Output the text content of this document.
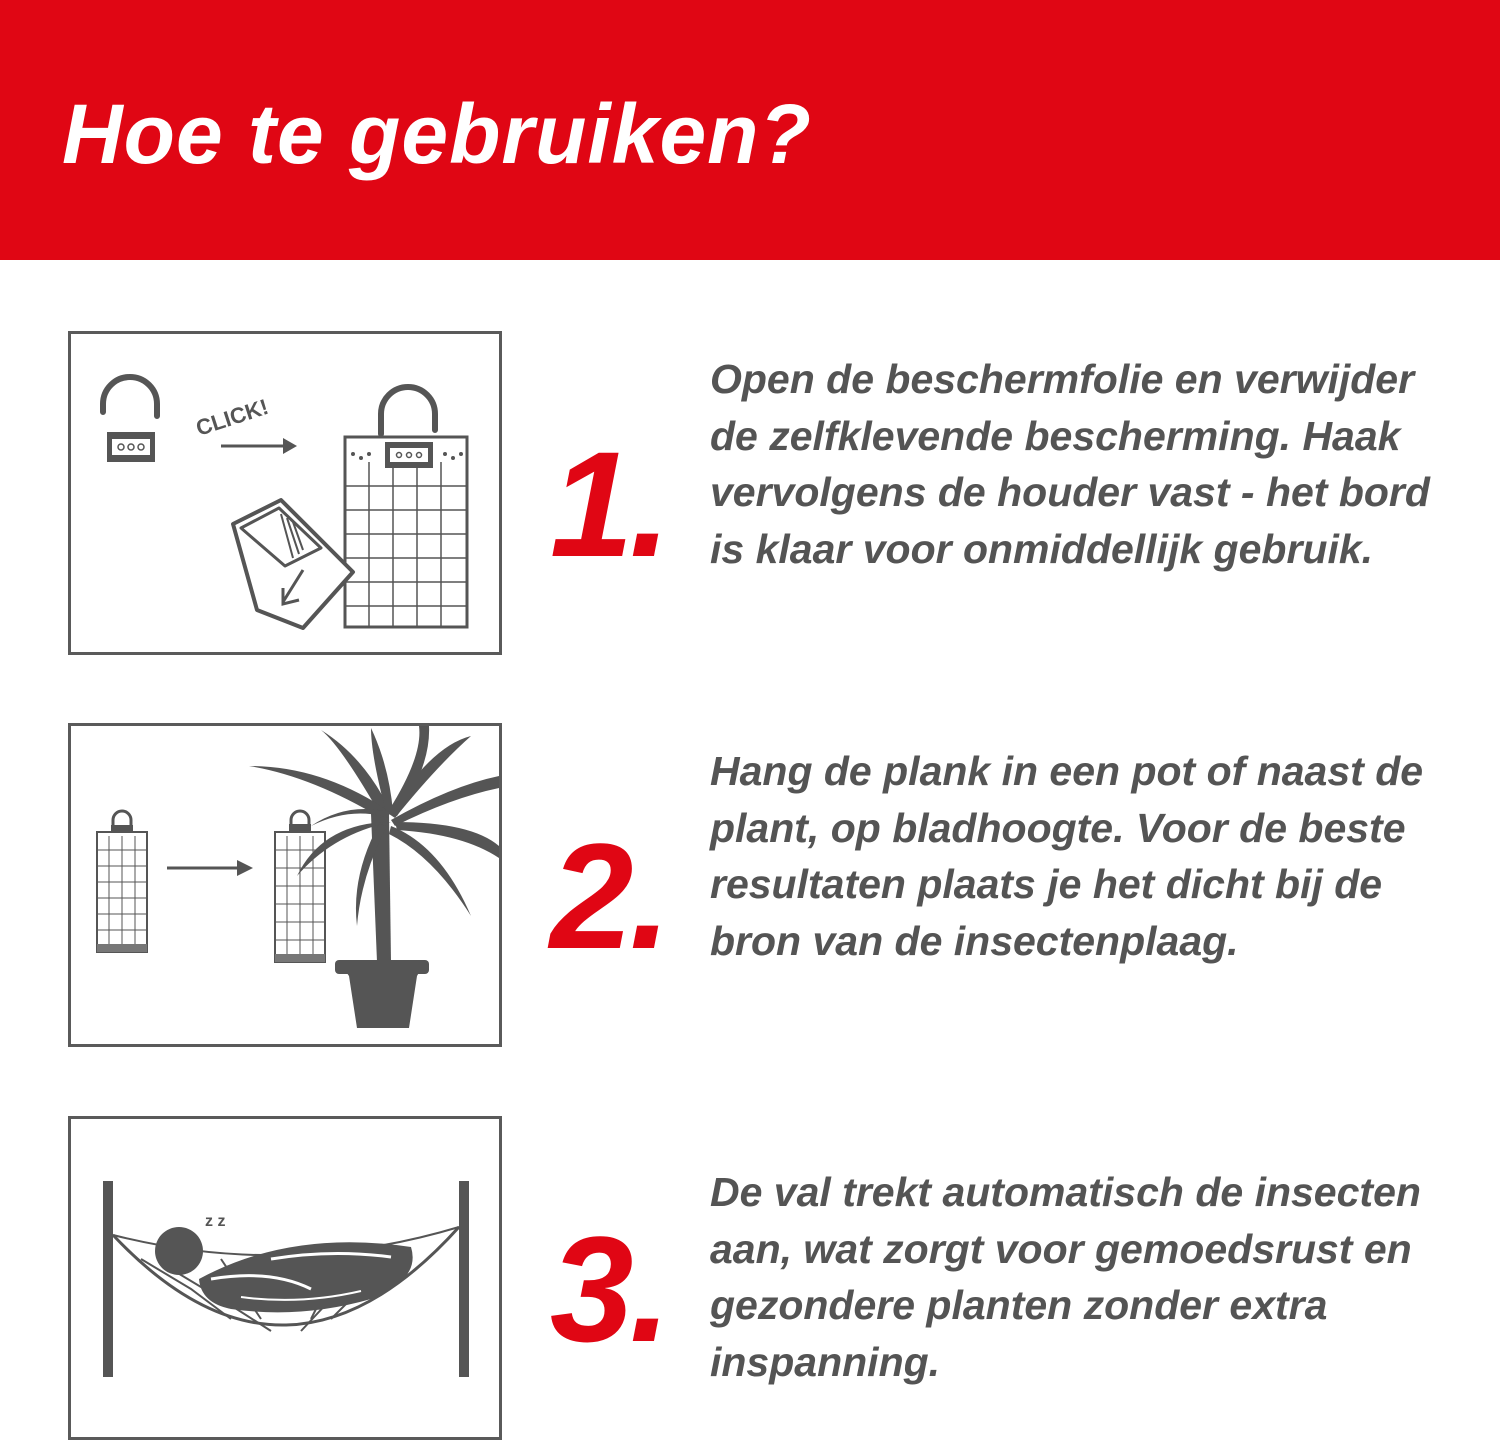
Hoe te gebruiken?
CLICK!
1.

Open de beschermfolie en verwijder de zelfklevende bescherming. Haak vervolgens de houder vast - het bord is klaar voor onmiddellijk gebruik.

2.

Hang de plank in een pot of naast de plant, op bladhoogte. Voor de beste resultaten plaats je het dicht bij de bron van de insectenplaag.

z z 3.

De val trekt automatisch de insecten aan, wat zorgt voor gemoedsrust en gezondere planten zonder extra inspanning.
